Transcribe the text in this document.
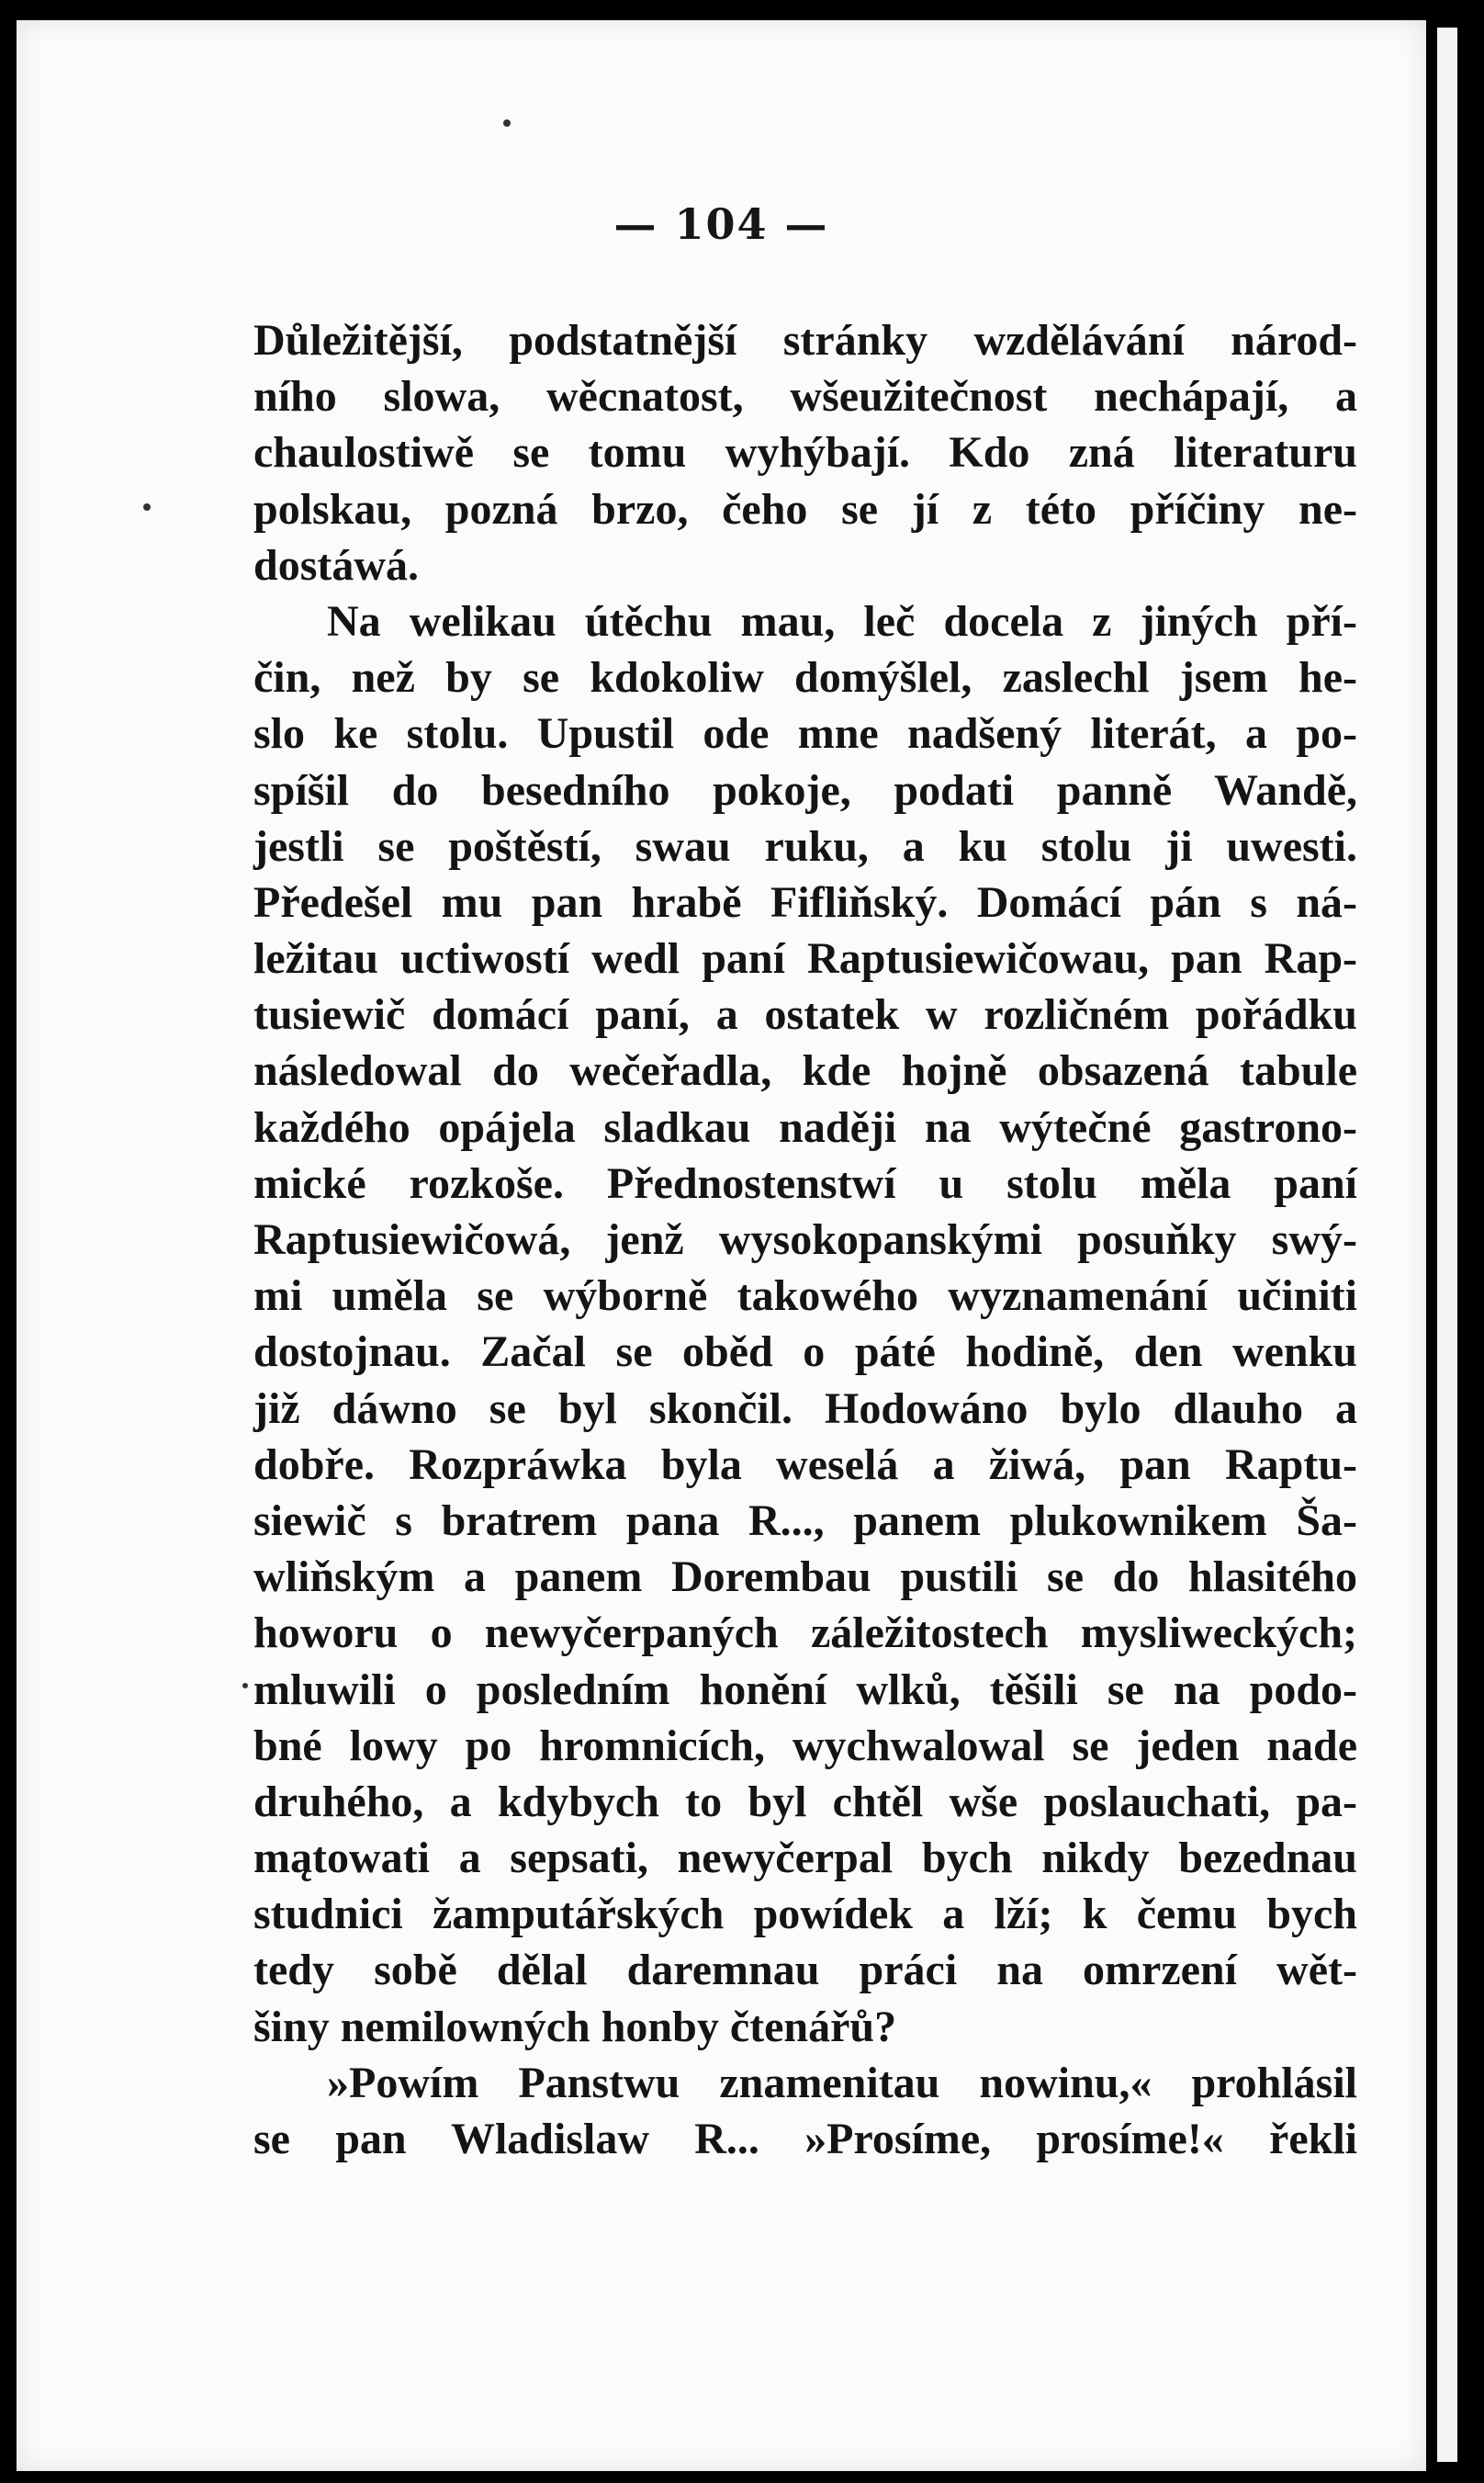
— 104 —
Důležitější, podstatnější stránky wzdělávání národ-
ního slowa, wěcnatost, wšeužitečnost nechápají, a
chaulostiwě se tomu wyhýbají. Kdo zná literaturu
polskau, pozná brzo, čeho se jí z této příčiny ne-
dostáwá.
Na welikau útěchu mau, leč docela z jiných pří-
čin, než by se kdokoliw domýšlel, zaslechl jsem he-
slo ke stolu. Upustil ode mne nadšený literát, a po-
spíšil do besedního pokoje, podati panně Wandě,
jestli se poštěstí, swau ruku, a ku stolu ji uwesti.
Předešel mu pan hrabě Fifliňský. Domácí pán s ná-
ležitau uctiwostí wedl paní Raptusiewičowau, pan Rap-
tusiewič domácí paní, a ostatek w rozličném pořádku
následowal do wečeřadla, kde hojně obsazená tabule
každého opájela sladkau naději na wýtečné gastrono-
mické rozkoše. Přednostenstwí u stolu měla paní
Raptusiewičowá, jenž wysokopanskými posuňky swý-
mi uměla se wýborně takowého wyznamenání učiniti
dostojnau. Začal se oběd o páté hodině, den wenku
již dáwno se byl skončil. Hodowáno bylo dlauho a
dobře. Rozpráwka byla weselá a žiwá, pan Raptu-
siewič s bratrem pana R..., panem plukownikem Ša-
wliňským a panem Dorembau pustili se do hlasitého
howoru o newyčerpaných záležitostech mysliweckých;
mluwili o posledním honění wlků, těšili se na podo-
bné lowy po hromnicích, wychwalowal se jeden nade
druhého, a kdybych to byl chtěl wše poslauchati, pa-
mątowati a sepsati, newyčerpal bych nikdy bezednau
studnici žamputářských powídek a lží; k čemu bych
tedy sobě dělal daremnau práci na omrzení wět-
šiny nemilowných honby čtenářů?
»Powím Panstwu znamenitau nowinu,« prohlásil
se pan Wladislaw R... »Prosíme, prosíme!« řekli
